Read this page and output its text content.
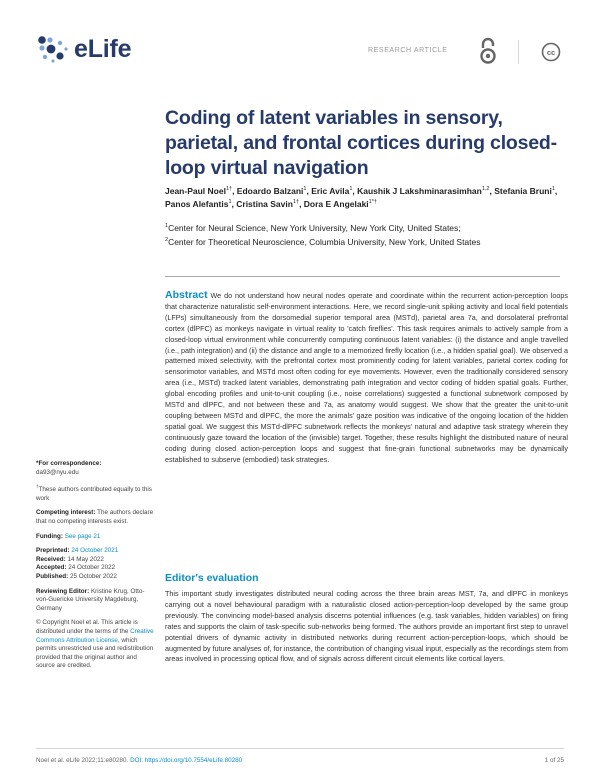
eLife	RESEARCH ARTICLE	cc
Coding of latent variables in sensory, parietal, and frontal cortices during closed-loop virtual navigation
Jean-Paul Noel$^{1\dagger}$, Edoardo Balzani$^1$, Eric Avila$^1$, Kaushik J Lakshminarasimhan$^{1,2}$, Stefania Bruni$^1$, Panos Alefantis$^1$, Cristina Savin$^{1\dagger}$, Dora E Angelaki$^{1*\dagger}$

$^1$Center for Neural Science, New York University, New York City, United States;

$^2$Center for Theoretical Neuroscience, Columbia University, New York, United States

Abstract We do not understand how neural nodes operate and coordinate within the recurrent action-perception loops that characterize naturalistic self-environment interactions. Here, we record single-unit spiking activity and local field potentials (LFPs) simultaneously from the dorsomedial superior temporal area (MSTd), parietal area 7a, and dorsolateral prefrontal cortex (dlPFC) as monkeys navigate in virtual reality to 'catch fireflies'. This task requires animals to actively sample from a closed-loop virtual environment while concurrently computing continuous latent variables: (i) the distance and angle travelled (i.e., path integration) and (ii) the distance and angle to a memorized firefly location (i.e., a hidden spatial goal). We observed a patterned mixed selectivity, with the prefrontal cortex most prominently coding for latent variables, parietal cortex coding for sensorimotor variables, and MSTd most often coding for eye movements. However, even the traditionally considered sensory area (i.e., MSTd) tracked latent variables, demonstrating path integration and vector coding of hidden spatial goals. Further, global encoding profiles and unit-to-unit coupling (i.e., noise correlations) suggested a functional subnetwork composed by MSTd and dlPFC, and not between these and 7a, as anatomy would suggest. We show that the greater the unit-to-unit coupling between MSTd and dlPFC, the more the animals' gaze position was indicative of the ongoing location of the hidden spatial goal. We suggest this MSTd-dlPFC subnetwork reflects the monkeys' natural and adaptive task strategy wherein they continuously gaze toward the location of the (invisible) target. Together, these results highlight the distributed nature of neural coding during closed action-perception loops and suggest that fine-grain functional subnetworks may be dynamically established to subserve (embodied) task strategies.
Editor's evaluation
This important study investigates distributed neural coding across the three brain areas MST, 7a, and dlPFC in monkeys carrying out a novel behavioural paradigm with a naturalistic closed action-perception-loop developed by the same group previously. The convincing model-based analysis discerns potential influences (e.g. task variables, hidden variables) on firing rates and supports the claim of task-specific sub-networks being formed. The authors provide an important first step to unravel potential drivers of dynamic activity in distributed networks during recurrent action-perception-loops, which should be augmented by future analyses of, for instance, the contribution of changing visual input, especially as the recordings stem from areas involved in processing optical flow, and of signals across different circuit elements like cortical layers.
*For correspondence:
da93@nyu.edu
†These authors contributed equally to this work
Competing interest: The authors declare that no competing interests exist.
Funding: See page 21

Preprinted: 24 October 2021

Received: 14 May 2022

Accepted: 24 October 2022

Published: 25 October 2022

Reviewing Editor: Kristine Krug, Otto-von-Guericke University Magdeburg, Germany
© Copyright Noel et al. This article is distributed under the terms of the Creative Commons Attribution License, which permits unrestricted use and redistribution provided that the original author and source are credited.
Noel et al. eLife 2022;11:e80280. DOI: https://doi.org/10.7554/eLife.80280	1 of 25
